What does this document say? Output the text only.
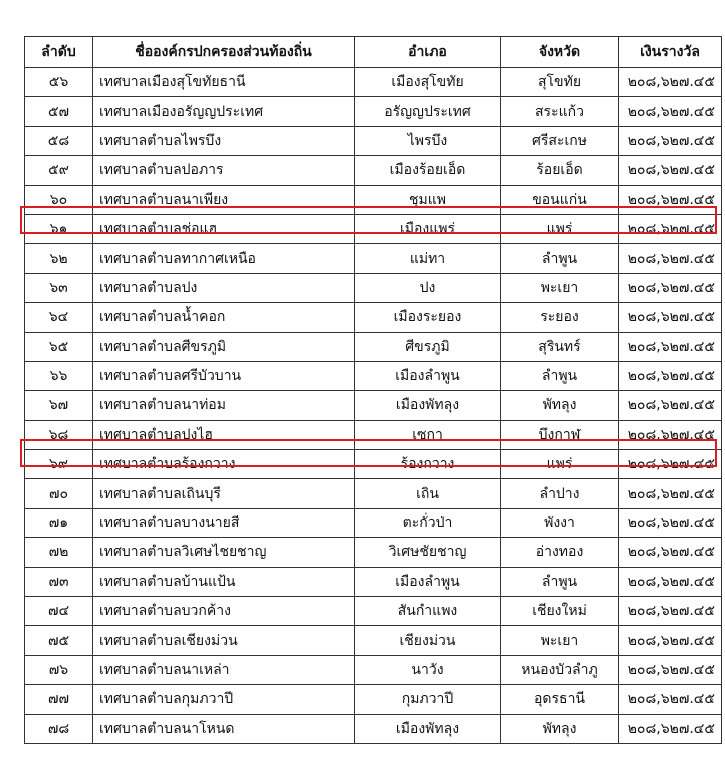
ลำดับ	ชื่อองค์กรปกครองส่วนท้องถิ่น	อำเภอ	จังหวัด	เงินรางวัล
๕๖	เทศบาลเมืองสุโขทัยธานี	เมืองสุโขทัย	สุโขทัย	๒๐๘,๖๒๗.๔๕
๕๗	เทศบาลเมืองอรัญญประเทศ	อรัญญประเทศ	สระแก้ว	๒๐๘,๖๒๗.๔๕
๕๘	เทศบาลตำบลไพรบึง	ไพรบึง	ศรีสะเกษ	๒๐๘,๖๒๗.๔๕
๕๙	เทศบาลตำบลปอภาร	เมืองร้อยเอ็ด	ร้อยเอ็ด	๒๐๘,๖๒๗.๔๕
๖๐	เทศบาลตำบลนาเพียง	ชุมแพ	ขอนแก่น	๒๐๘,๖๒๗.๔๕
๖๑	เทศบาลตำบลช่อแฮ	เมืองแพร่	แพร่	๒๐๘,๖๒๗.๔๕
๖๒	เทศบาลตำบลทากาศเหนือ	แม่ทา	ลำพูน	๒๐๘,๖๒๗.๔๕
๖๓	เทศบาลตำบลปง	ปง	พะเยา	๒๐๘,๖๒๗.๔๕
๖๔	เทศบาลตำบลน้ำคอก	เมืองระยอง	ระยอง	๒๐๘,๖๒๗.๔๕
๖๕	เทศบาลตำบลศีขรภูมิ	ศีขรภูมิ	สุรินทร์	๒๐๘,๖๒๗.๔๕
๖๖	เทศบาลตำบลศรีบัวบาน	เมืองลำพูน	ลำพูน	๒๐๘,๖๒๗.๔๕
๖๗	เทศบาลตำบลนาท่อม	เมืองพัทลุง	พัทลุง	๒๐๘,๖๒๗.๔๕
๖๘	เทศบาลตำบลปงไฮ	เซกา	บึงกาฬ	๒๐๘,๖๒๗.๔๕
๖๙	เทศบาลตำบลร้องกวาง	ร้องกวาง	แพร่	๒๐๘,๖๒๗.๔๕
๗๐	เทศบาลตำบลเถินบุรี	เถิน	ลำปาง	๒๐๘,๖๒๗.๔๕
๗๑	เทศบาลตำบลบางนายสี	ตะกั่วป่า	พังงา	๒๐๘,๖๒๗.๔๕
๗๒	เทศบาลตำบลวิเศษไชยชาญ	วิเศษชัยชาญ	อ่างทอง	๒๐๘,๖๒๗.๔๕
๗๓	เทศบาลตำบลบ้านแป้น	เมืองลำพูน	ลำพูน	๒๐๘,๖๒๗.๔๕
๗๔	เทศบาลตำบลบวกค้าง	สันกำแพง	เชียงใหม่	๒๐๘,๖๒๗.๔๕
๗๕	เทศบาลตำบลเชียงม่วน	เชียงม่วน	พะเยา	๒๐๘,๖๒๗.๔๕
๗๖	เทศบาลตำบลนาเหล่า	นาวัง	หนองบัวลำภู	๒๐๘,๖๒๗.๔๕
๗๗	เทศบาลตำบลกุมภวาปี	กุมภวาปี	อุดรธานี	๒๐๘,๖๒๗.๔๕
๗๘	เทศบาลตำบลนาโหนด	เมืองพัทลุง	พัทลุง	๒๐๘,๖๒๗.๔๕
